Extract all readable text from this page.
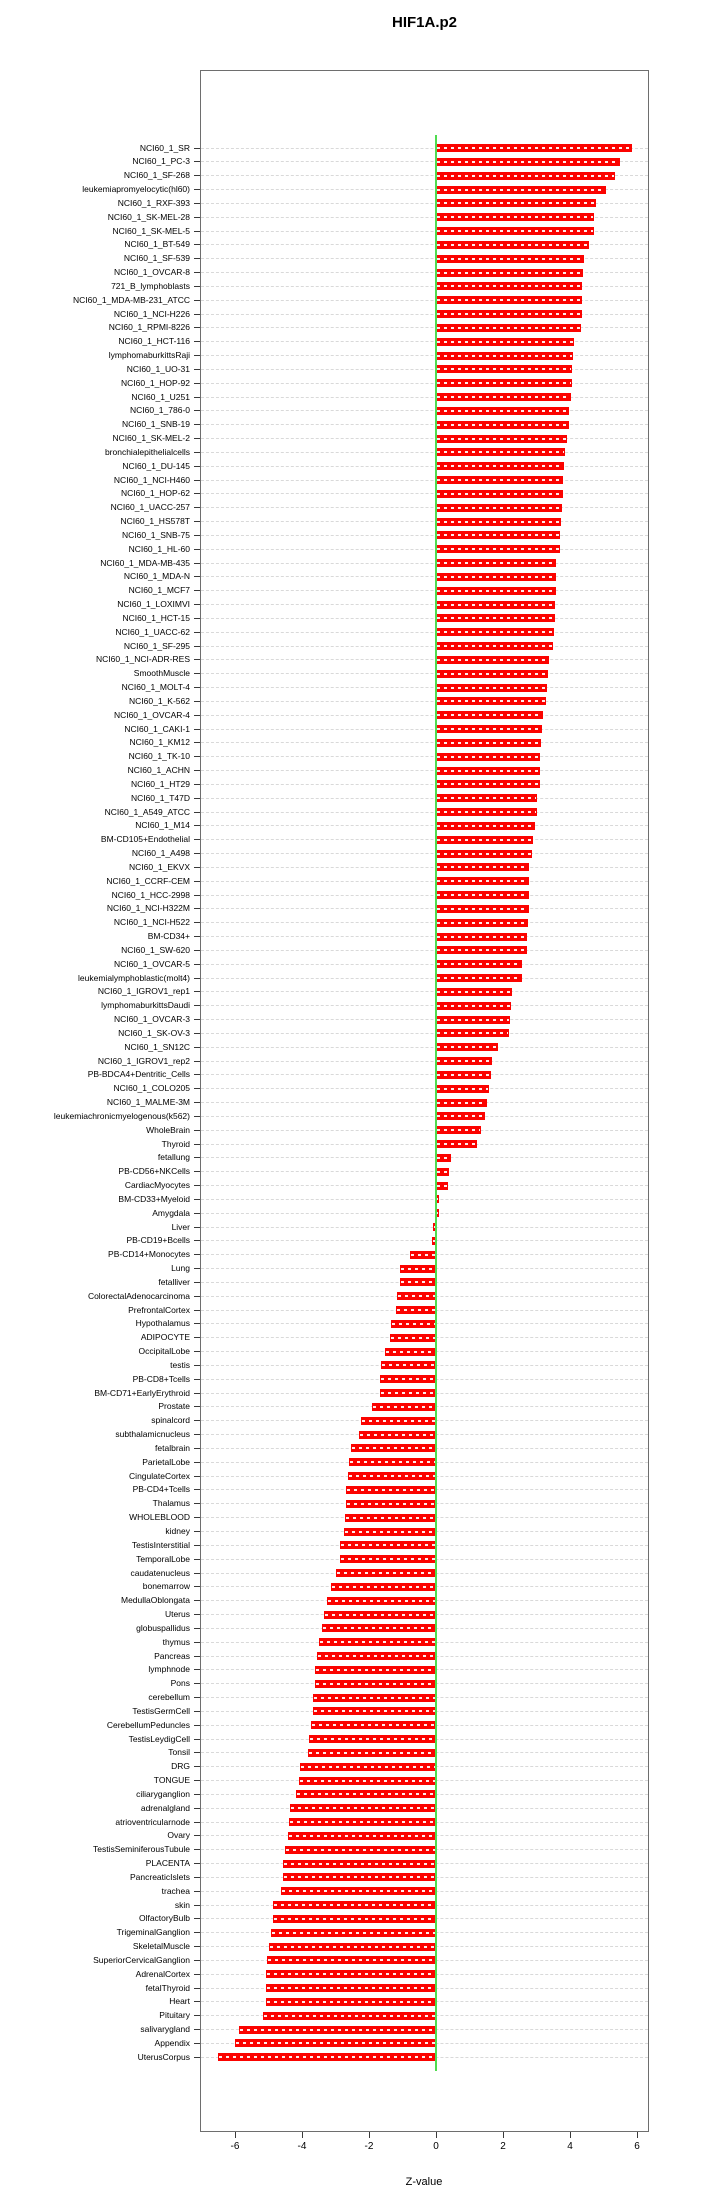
HIF1A.p2
NCI60_1_SR
NCI60_1_PC-3
NCI60_1_SF-268
leukemiapromyelocytic(hl60)
NCI60_1_RXF-393
NCI60_1_SK-MEL-28
NCI60_1_SK-MEL-5
NCI60_1_BT-549
NCI60_1_SF-539
NCI60_1_OVCAR-8
721_B_lymphoblasts
NCI60_1_MDA-MB-231_ATCC
NCI60_1_NCI-H226
NCI60_1_RPMI-8226
NCI60_1_HCT-116
lymphomaburkittsRaji
NCI60_1_UO-31
NCI60_1_HOP-92
NCI60_1_U251
NCI60_1_786-0
NCI60_1_SNB-19
NCI60_1_SK-MEL-2
bronchialepithelialcells
NCI60_1_DU-145
NCI60_1_NCI-H460
NCI60_1_HOP-62
NCI60_1_UACC-257
NCI60_1_HS578T
NCI60_1_SNB-75
NCI60_1_HL-60
NCI60_1_MDA-MB-435
NCI60_1_MDA-N
NCI60_1_MCF7
NCI60_1_LOXIMVI
NCI60_1_HCT-15
NCI60_1_UACC-62
NCI60_1_SF-295
NCI60_1_NCI-ADR-RES
SmoothMuscle
NCI60_1_MOLT-4
NCI60_1_K-562
NCI60_1_OVCAR-4
NCI60_1_CAKI-1
NCI60_1_KM12
NCI60_1_TK-10
NCI60_1_ACHN
NCI60_1_HT29
NCI60_1_T47D
NCI60_1_A549_ATCC
NCI60_1_M14
BM-CD105+Endothelial
NCI60_1_A498
NCI60_1_EKVX
NCI60_1_CCRF-CEM
NCI60_1_HCC-2998
NCI60_1_NCI-H322M
NCI60_1_NCI-H522
BM-CD34+
NCI60_1_SW-620
NCI60_1_OVCAR-5
leukemialymphoblastic(molt4)
NCI60_1_IGROV1_rep1
lymphomaburkittsDaudi
NCI60_1_OVCAR-3
NCI60_1_SK-OV-3
NCI60_1_SN12C
NCI60_1_IGROV1_rep2
PB-BDCA4+Dentritic_Cells
NCI60_1_COLO205
NCI60_1_MALME-3M
leukemiachronicmyelogenous(k562)
WholeBrain
Thyroid
fetallung
PB-CD56+NKCells
CardiacMyocytes
BM-CD33+Myeloid
Amygdala
Liver
PB-CD19+Bcells
PB-CD14+Monocytes
Lung
fetalliver
ColorectalAdenocarcinoma
PrefrontalCortex
Hypothalamus
ADIPOCYTE
OccipitalLobe
testis
PB-CD8+Tcells
BM-CD71+EarlyErythroid
Prostate
spinalcord
subthalamicnucleus
fetalbrain
ParietalLobe
CingulateCortex
PB-CD4+Tcells
Thalamus
WHOLEBLOOD
kidney
TestisInterstitial
TemporalLobe
caudatenucleus
bonemarrow
MedullaOblongata
Uterus
globuspallidus
thymus
Pancreas
lymphnode
Pons
cerebellum
TestisGermCell
CerebellumPeduncles
TestisLeydigCell
Tonsil
DRG
TONGUE
ciliaryganglion
adrenalgland
atrioventricularnode
Ovary
TestisSeminiferousTubule
PLACENTA
PancreaticIslets
trachea
skin
OlfactoryBulb
TrigeminalGanglion
SkeletalMuscle
SuperiorCervicalGanglion
AdrenalCortex
fetalThyroid
Heart
Pituitary
salivarygland
Appendix
UterusCorpus
-6	-4	-2	0	2	4	6
Z-value
